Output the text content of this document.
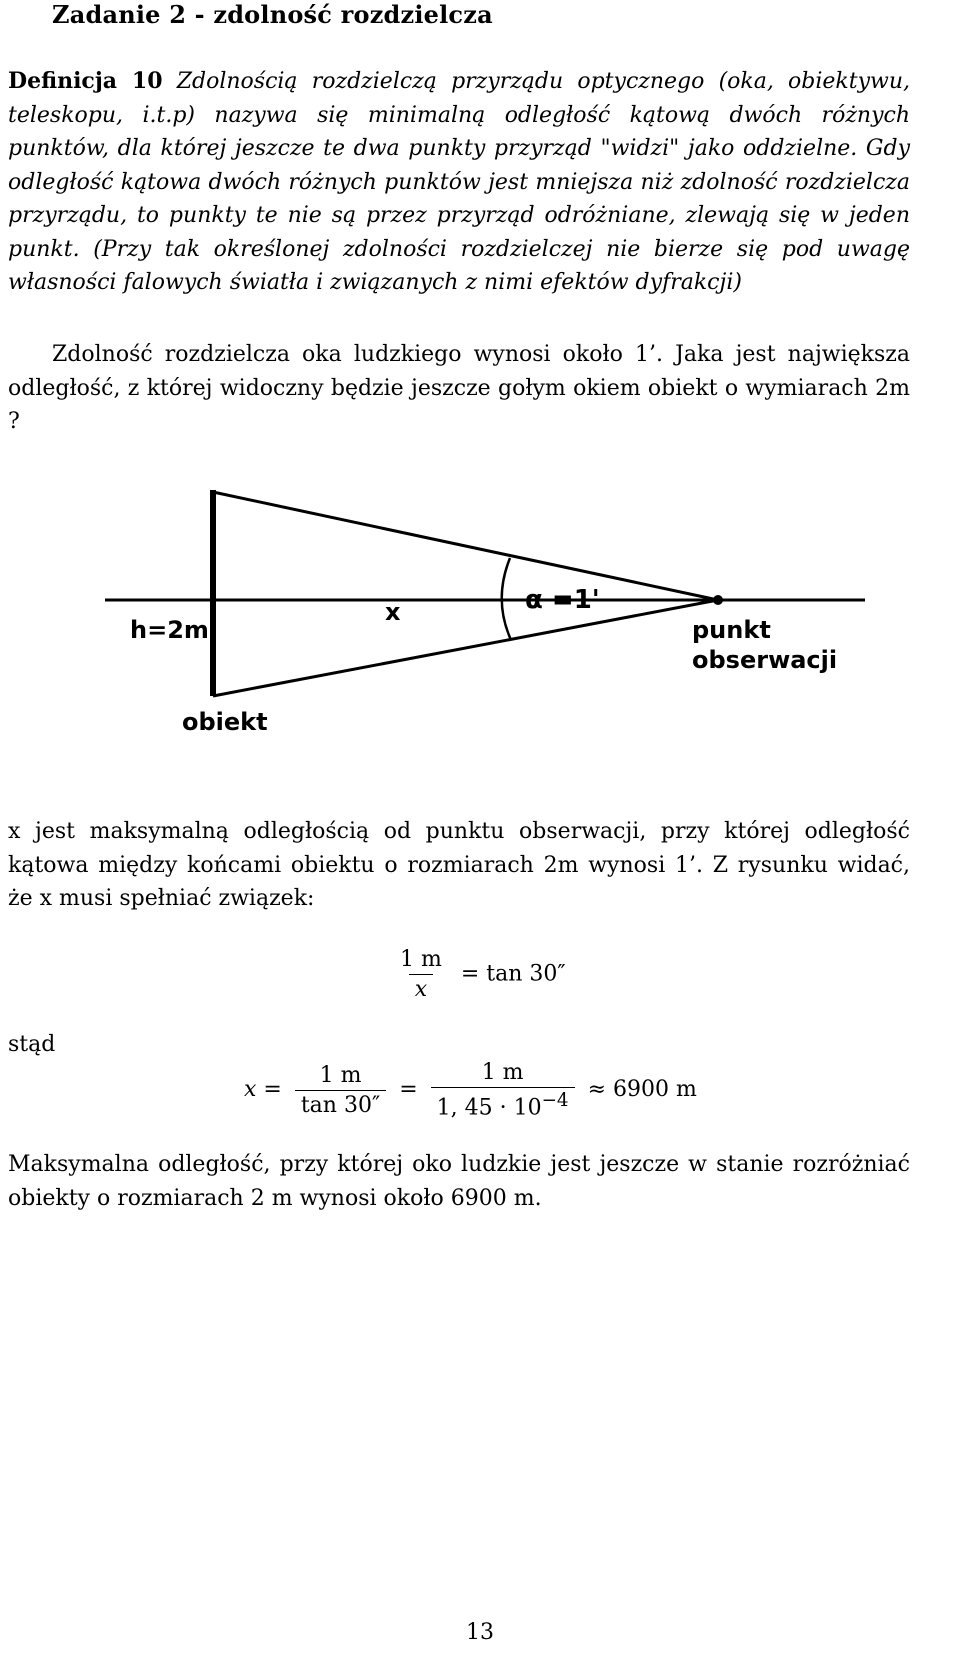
Zadanie 2 - zdolność rozdzielcza

Definicja 10 Zdolnością rozdzielczą przyrządu optycznego (oka, obiektywu, teleskopu, i.t.p) nazywa się minimalną odległość kątową dwóch różnych punktów, dla której jeszcze te dwa punkty przyrząd "widzi" jako oddzielne. Gdy odległość kątowa dwóch różnych punktów jest mniejsza niż zdolność rozdzielcza przyrządu, to punkty te nie są przez przyrząd odróżniane, zlewają się w jeden punkt. (Przy tak określonej zdolności rozdzielczej nie bierze się pod uwagę własności falowych światła i związanych z nimi efektów dyfrakcji)

Zdolność rozdzielcza oka ludzkiego wynosi około 1’. Jaka jest największa odległość, z której widoczny będzie jeszcze gołym okiem obiekt o wymiarach 2m ?

h=2m
x	α =1'
punkt
obserwacji
obiekt

x jest maksymalną odległością od punktu obserwacji, przy której odległość kątowa między końcami obiektu o rozmiarach 2m wynosi 1’. Z rysunku widać, że x musi spełniać związek:

$\frac{1 m}{x} = \tan 30''$
stąd
$x = \frac{1 m}{\tan 30''} = \frac{1 m}{1, 45 \cdot 10^{-4}} \approx 6900$ m

Maksymalna odległość, przy której oko ludzkie jest jeszcze w stanie rozróżniać obiekty o rozmiarach 2 m wynosi około 6900 m.

13
